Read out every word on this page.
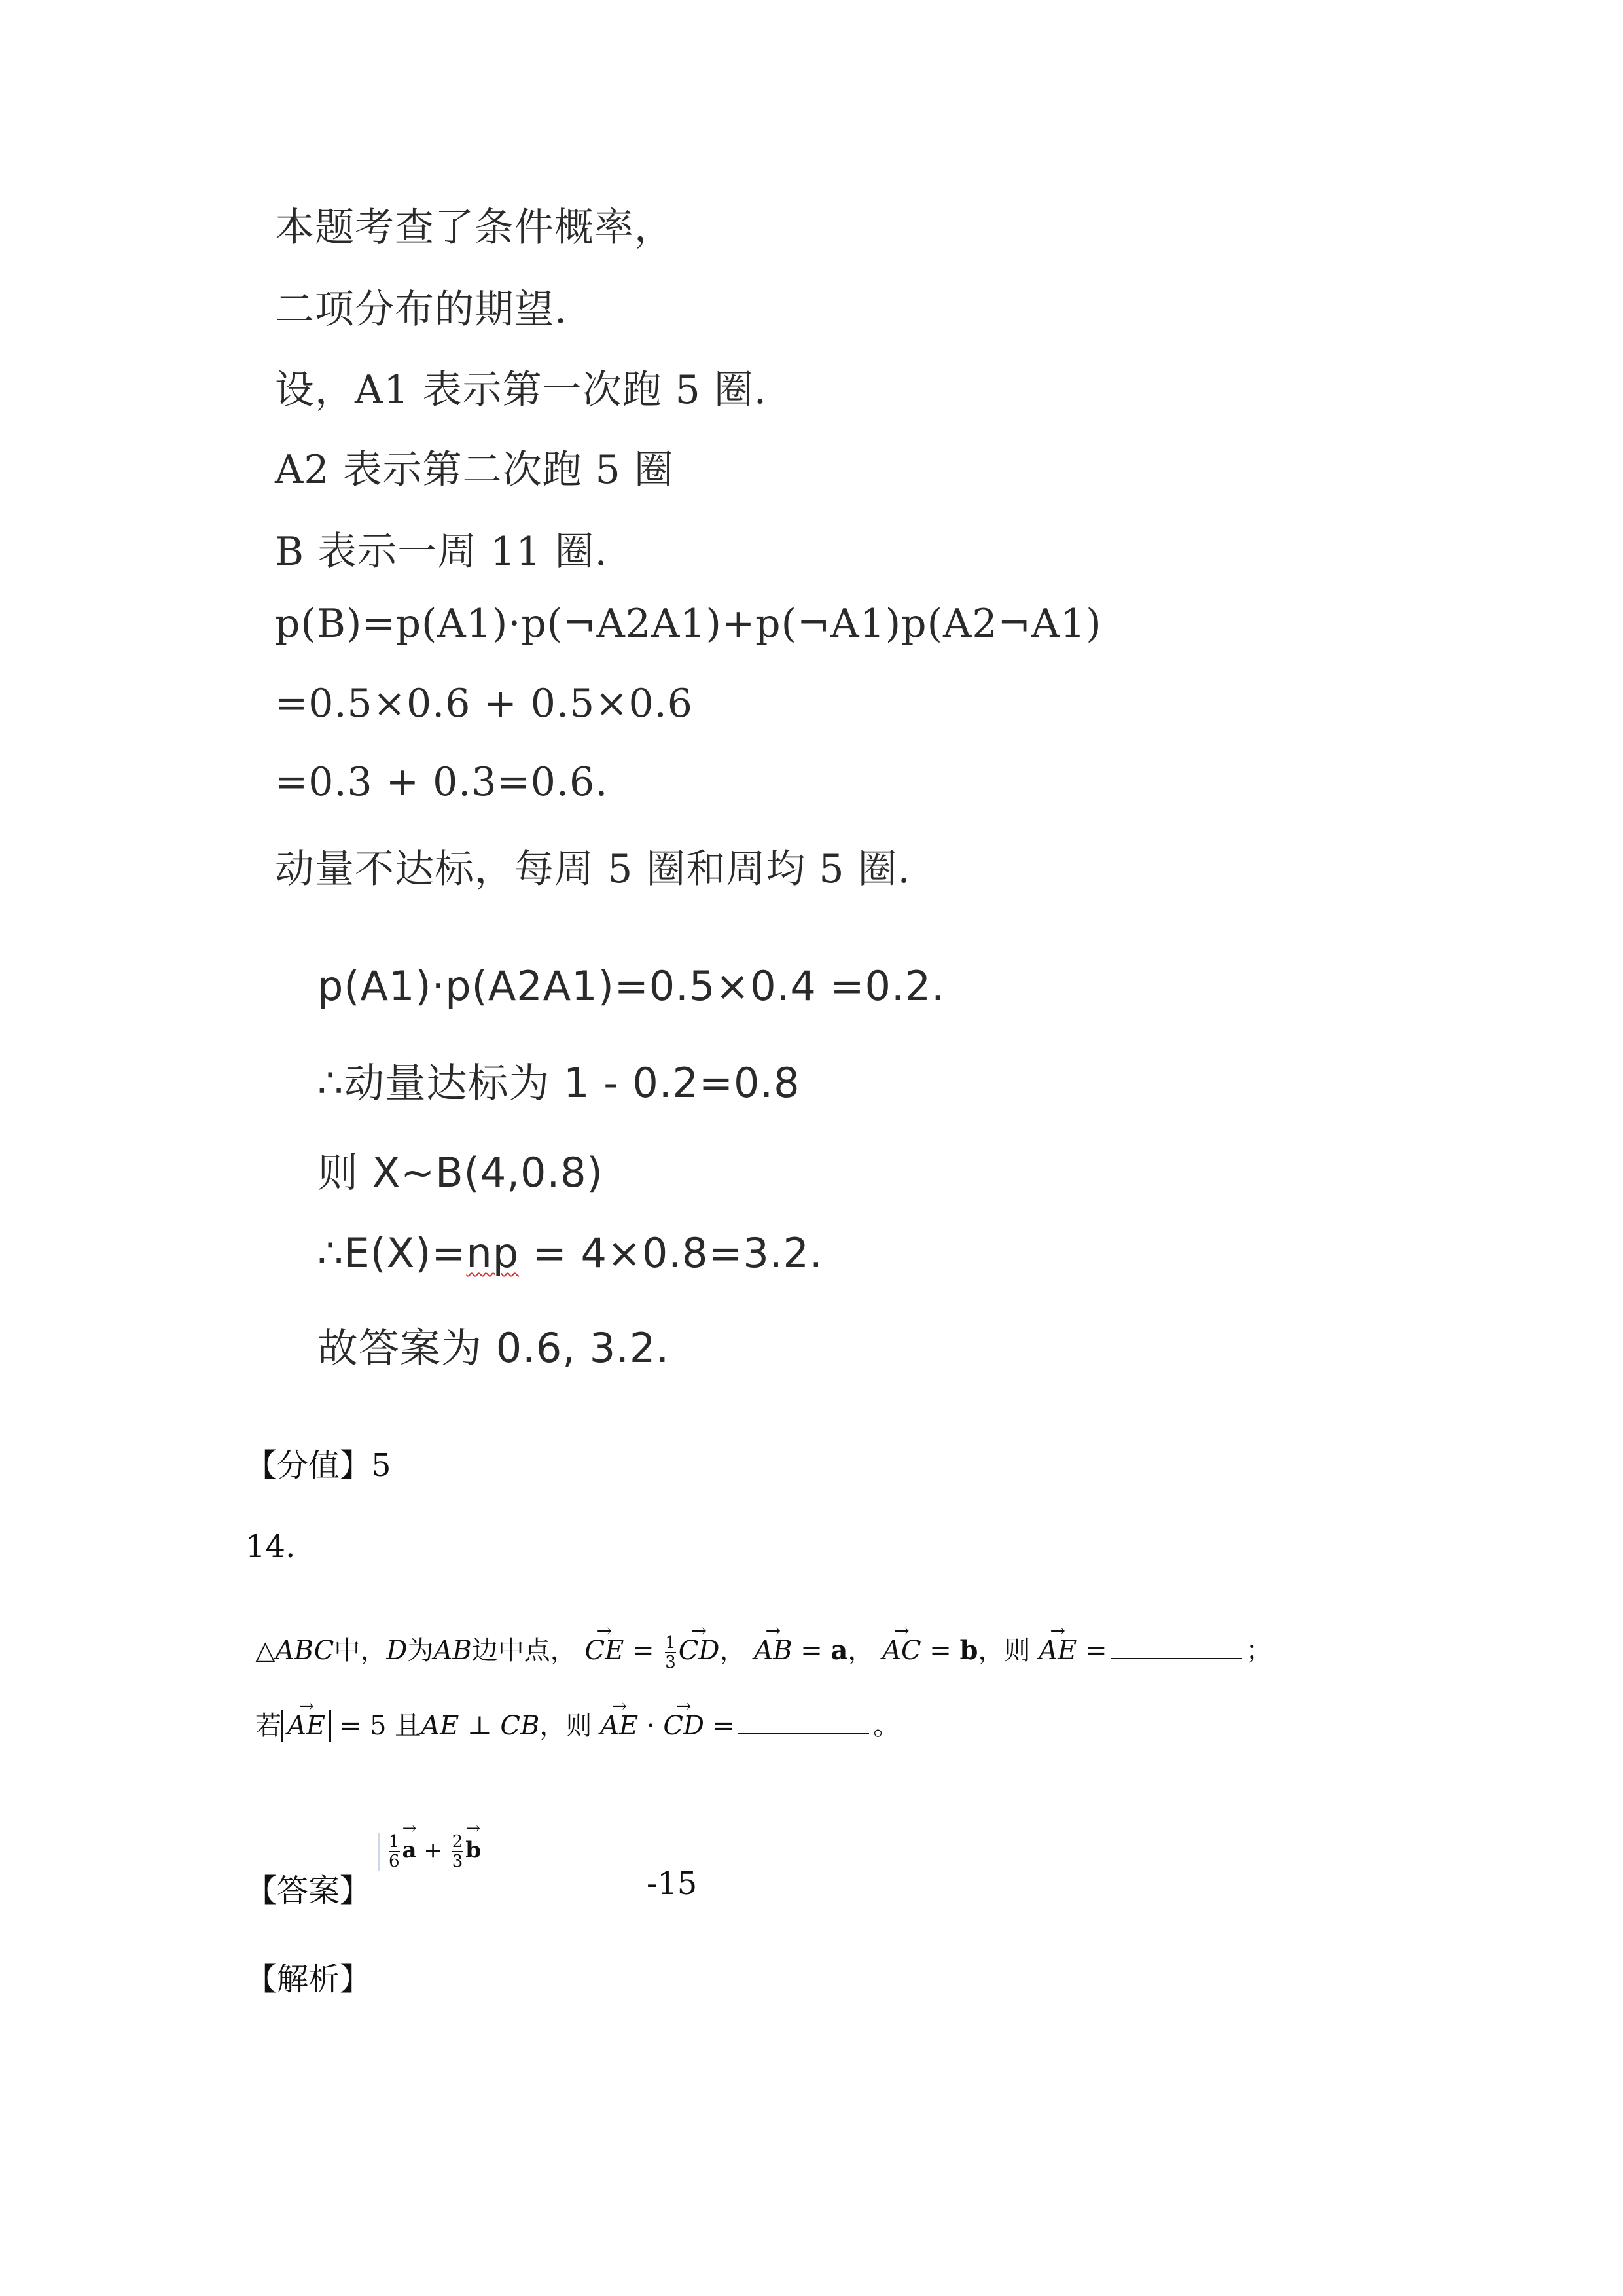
本题考查了条件概率，
二项分布的期望.
设，A1 表示第一次跑 5 圈.
A2 表示第二次跑 5 圈
B 表示一周 11 圈.
p(B)=p(A1)·p(¬A2A1)+p(¬A1)p(A2¬A1)
=0.5×0.6 + 0.5×0.6
=0.3 + 0.3=0.6.
动量不达标，每周 5 圈和周均 5 圈.
p(A1)·p(A2A1)=0.5×0.4 =0.2.
∴动量达标为 1 - 0.2=0.8
则 X~B(4,0.8)
∴E(X)=np = 4×0.8=3.2.
故答案为 0.6, 3.2.
【分值】5
14.
△ABC中，D为AB边中点， → CE = $\frac{1}{3}$
→ CD， → AB = a， → AC = b，则 → AE =	；
若→ AE = 5 且AE ⊥ CB，则 → AE · → CD =	。
【答案】
$\frac{1}{6}$
→ $a + \frac{2}{3}$
→ b
-15
【解析】
